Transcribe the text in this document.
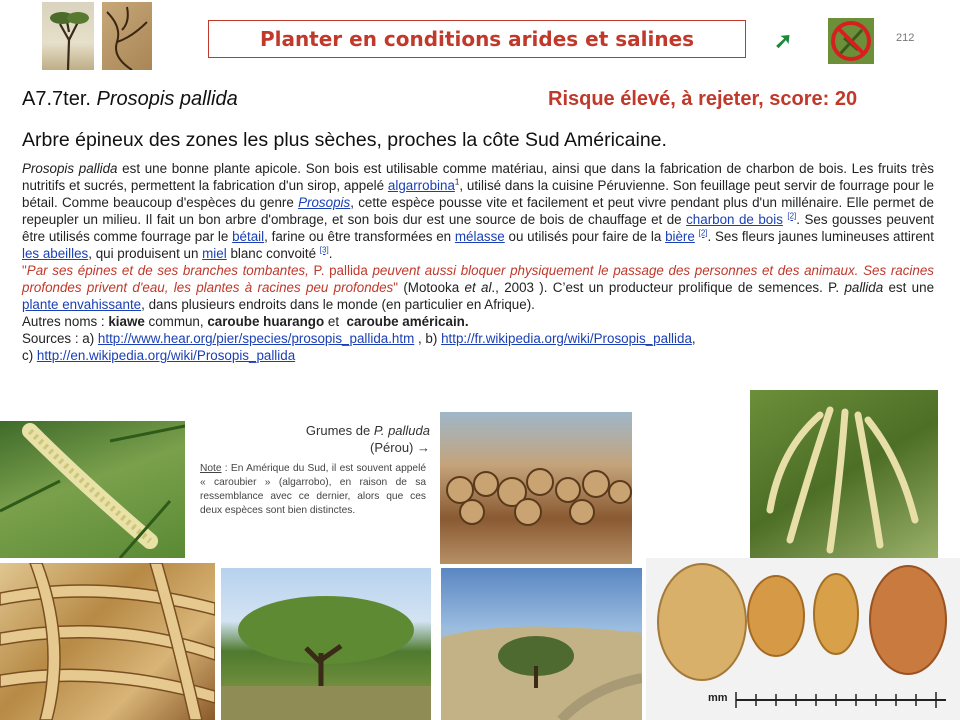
Planter en conditions arides et salines	➚	212
A7.7ter. Prosopis pallida	Risque élevé, à rejeter, score: 20
Arbre épineux des zones les plus sèches, proches la côte Sud Américaine.

Prosopis pallida est une bonne plante apicole. Son bois est utilisable comme matériau, ainsi que dans la fabrication de charbon de bois. Les fruits très nutritifs et sucrés, permettent la fabrication d'un sirop, appelé algarrobina$^1$, utilisé dans la cuisine Péruvienne. Son feuillage peut servir de fourrage pour le bétail. Comme beaucoup d'espèces du genre Prosopis, cette espèce pousse vite et facilement et peut vivre pendant plus d'un millénaire. Elle permet de repeupler un milieu. Il fait un bon arbre d'ombrage, et son bois dur est une source de bois de chauffage et de charbon de bois [2]. Ses gousses peuvent être utilisés comme fourrage par le bétail, farine ou être transformées en mélasse ou utilisés pour faire de la bière [2]. Ses fleurs jaunes lumineuses attirent les abeilles, qui produisent un miel blanc convoité [3].

"Par ses épines et de ses branches tombantes, P. pallida peuvent aussi bloquer physiquement le passage des personnes et des animaux. Ses racines profondes privent d'eau, les plantes à racines peu profondes" (Motooka et al., 2003 ). C’est un producteur prolifique de semences. P. pallida est une plante envahissante, dans plusieurs endroits dans le monde (en particulier en Afrique).

Autres noms : kiawe commun, caroube huarango et  caroube américain.

Sources : a) http://www.hear.org/pier/species/prosopis_pallida.htm , b) http://fr.wikipedia.org/wiki/Prosopis_pallida,

c) http://en.wikipedia.org/wiki/Prosopis_pallida

Grumes de P. palluda
(Pérou) →
Note : En Amérique du Sud, il est souvent appelé « caroubier » (algarrobo), en raison de sa ressemblance avec ce dernier, alors que ces deux espèces sont bien distinctes.
mm
